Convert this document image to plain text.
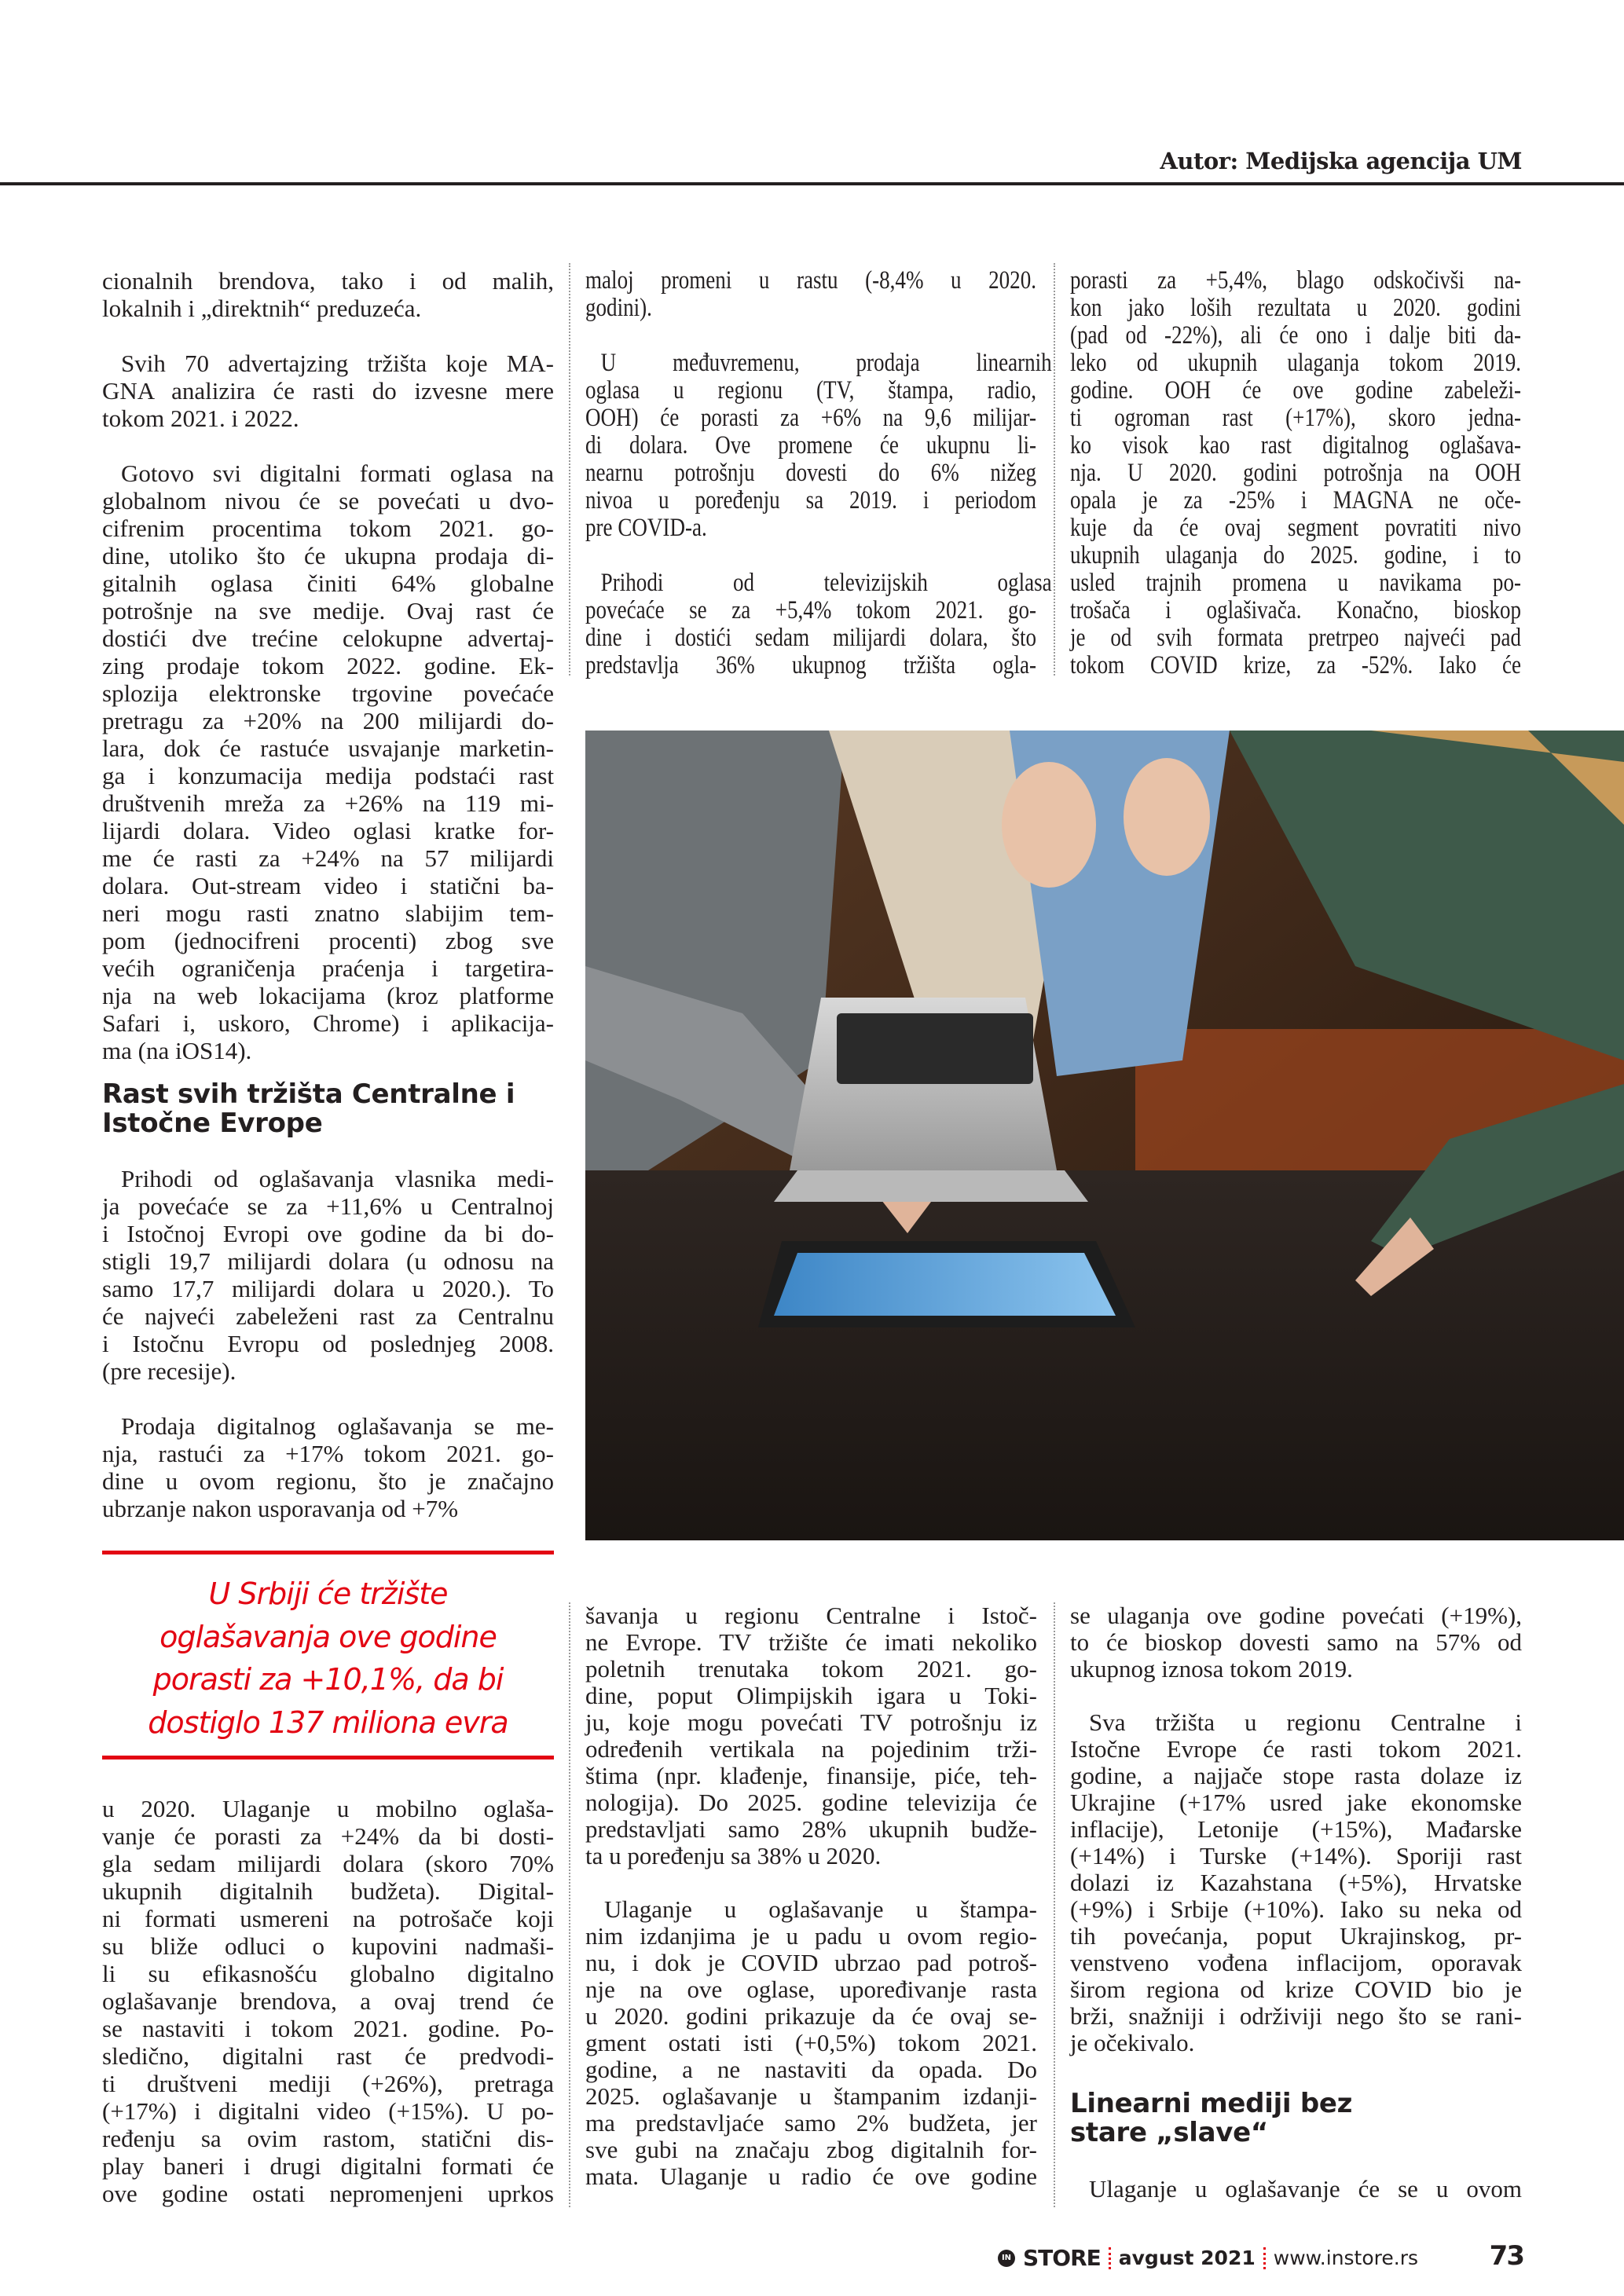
Autor: Medijska agencija UM
cionalnih brendova, tako i od malih,
lokalnih i „direktnih“ preduzeća.
Svih 70 advertajzing tržišta koje MA-
GNA analizira će rasti do izvesne mere
tokom 2021. i 2022.
Gotovo svi digitalni formati oglasa na
globalnom nivou će se povećati u dvo-
cifrenim procentima tokom 2021. go-
dine, utoliko što će ukupna prodaja di-
gitalnih oglasa činiti 64% globalne
potrošnje na sve medije. Ovaj rast će
dostići dve trećine celokupne advertaj-
zing prodaje tokom 2022. godine. Ek-
splozija elektronske trgovine povećaće
pretragu za +20% na 200 milijardi do-
lara, dok će rastuće usvajanje marketin-
ga i konzumacija medija podstaći rast
društvenih mreža za +26% na 119 mi-
lijardi dolara. Video oglasi kratke for-
me će rasti za +24% na 57 milijardi
dolara. Out-stream video i statični ba-
neri mogu rasti znatno slabijim tem-
pom (jednocifreni procenti) zbog sve
većih ograničenja praćenja i targetira-
nja na web lokacijama (kroz platforme
Safari i, uskoro, Chrome) i aplikacija-
ma (na iOS14).
Rast svih tržišta Centralne i
Istočne Evrope
Prihodi od oglašavanja vlasnika medi-
ja povećaće se za +11,6% u Centralnoj
i Istočnoj Evropi ove godine da bi do-
stigli 19,7 milijardi dolara (u odnosu na
samo 17,7 milijardi dolara u 2020.). To
će najveći zabeleženi rast za Centralnu
i Istočnu Evropu od poslednjeg 2008.
(pre recesije).
Prodaja digitalnog oglašavanja se me-
nja, rastući za +17% tokom 2021. go-
dine u ovom regionu, što je značajno
ubrzanje nakon usporavanja od +7%
U Srbiji će tržište
oglašavanja ove godine
porasti za +10,1%, da bi
dostiglo 137 miliona evra
u 2020. Ulaganje u mobilno oglaša-
vanje će porasti za +24% da bi dosti-
gla sedam milijardi dolara (skoro 70%
ukupnih digitalnih budžeta). Digital-
ni formati usmereni na potrošače koji
su bliže odluci o kupovini nadmaši-
li su efikasnošću globalno digitalno
oglašavanje brendova, a ovaj trend će
se nastaviti i tokom 2021. godine. Po-
sledično, digitalni rast će predvodi-
ti društveni mediji (+26%), pretraga
(+17%) i digitalni video (+15%). U po-
ređenju sa ovim rastom, statični dis-
play baneri i drugi digitalni formati će
ove godine ostati nepromenjeni uprkos
maloj promeni u rastu (-8,4% u 2020.
godini).
U međuvremenu, prodaja linearnih
oglasa u regionu (TV, štampa, radio,
OOH) će porasti za +6% na 9,6 milijar-
di dolara. Ove promene će ukupnu li-
nearnu potrošnju dovesti do 6% nižeg
nivoa u poređenju sa 2019. i periodom
pre COVID-a.
Prihodi od televizijskih oglasa
povećaće se za +5,4% tokom 2021. go-
dine i dostići sedam milijardi dolara, što
predstavlja 36% ukupnog tržišta ogla-
porasti za +5,4%, blago odskočivši na-
kon jako loših rezultata u 2020. godini
(pad od -22%), ali će ono i dalje biti da-
leko od ukupnih ulaganja tokom 2019.
godine. OOH će ove godine zabeleži-
ti ogroman rast (+17%), skoro jedna-
ko visok kao rast digitalnog oglašava-
nja. U 2020. godini potrošnja na OOH
opala je za -25% i MAGNA ne oče-
kuje da će ovaj segment povratiti nivo
ukupnih ulaganja do 2025. godine, i to
usled trajnih promena u navikama po-
trošača i oglašivača. Konačno, bioskop
je od svih formata pretrpeo najveći pad
tokom COVID krize, za -52%. Iako će
šavanja u regionu Centralne i Istoč-
ne Evrope. TV tržište će imati nekoliko
poletnih trenutaka tokom 2021. go-
dine, poput Olimpijskih igara u Toki-
ju, koje mogu povećati TV potrošnju iz
određenih vertikala na pojedinim trži-
štima (npr. klađenje, finansije, piće, teh-
nologija). Do 2025. godine televizija će
predstavljati samo 28% ukupnih budže-
ta u poređenju sa 38% u 2020.
Ulaganje u oglašavanje u štampa-
nim izdanjima je u padu u ovom regio-
nu, i dok je COVID ubrzao pad potroš-
nje na ove oglase, upoređivanje rasta
u 2020. godini prikazuje da će ovaj se-
gment ostati isti (+0,5%) tokom 2021.
godine, a ne nastaviti da opada. Do
2025. oglašavanje u štampanim izdanji-
ma predstavljaće samo 2% budžeta, jer
sve gubi na značaju zbog digitalnih for-
mata. Ulaganje u radio će ove godine
se ulaganja ove godine povećati (+19%),
to će bioskop dovesti samo na 57% od
ukupnog iznosa tokom 2019.
Sva tržišta u regionu Centralne i
Istočne Evrope će rasti tokom 2021.
godine, a najjače stope rasta dolaze iz
Ukrajine (+17% usred jake ekonomske
inflacije), Letonije (+15%), Mađarske
(+14%) i Turske (+14%). Sporiji rast
dolazi iz Kazahstana (+5%), Hrvatske
(+9%) i Srbije (+10%). Iako su neka od
tih povećanja, poput Ukrajinskog, pr-
venstveno vođena inflacijom, oporavak
širom regiona od krize COVID bio je
brži, snažniji i održiviji nego što se rani-
je očekivalo.
Linearni mediji bez
stare „slave“
Ulaganje u oglašavanje će se u ovom
IN STORE avgust 2021 www.instore.rs	73
